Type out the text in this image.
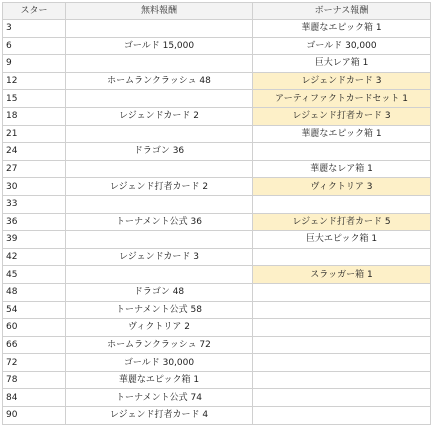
スター	無料報酬	ボーナス報酬
3		華麗なエピック箱 1
6	ゴールド 15,000	ゴールド 30,000
9		巨大レア箱 1
12	ホームランクラッシュ 48	レジェンドカード 3
15		アーティファクトカードセット 1
18	レジェンドカード 2	レジェンド打者カード 3
21		華麗なエピック箱 1
24	ドラゴン 36	
27		華麗なレア箱 1
30	レジェンド打者カード 2	ヴィクトリア 3
33		
36	トーナメント公式 36	レジェンド打者カード 5
39		巨大エピック箱 1
42	レジェンドカード 3	
45		スラッガー箱 1
48	ドラゴン 48	
54	トーナメント公式 58	
60	ヴィクトリア 2	
66	ホームランクラッシュ 72	
72	ゴールド 30,000	
78	華麗なエピック箱 1	
84	トーナメント公式 74	
90	レジェンド打者カード 4	
